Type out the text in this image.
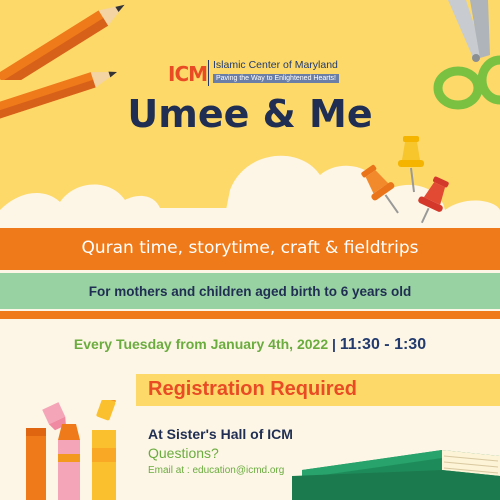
ICM Islamic Center of Maryland
Paving the Way to Enlightened Hearts!
Umee & Me
Quran time, storytime, craft & fieldtrips
For mothers and children aged birth to 6 years old
Every Tuesday from January 4th, 2022 | 11:30 - 1:30
Registration Required
At Sister's Hall of ICM
Questions?
Email at : education@icmd.org
